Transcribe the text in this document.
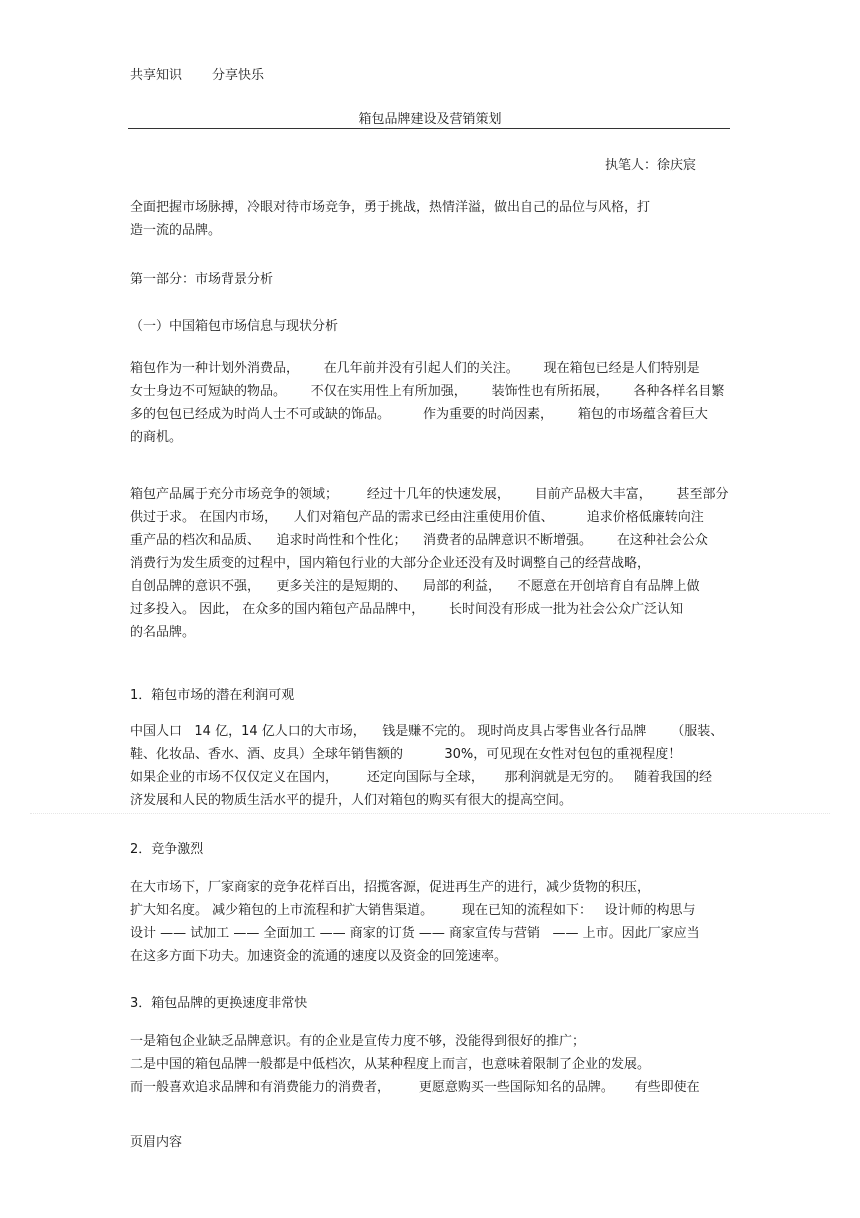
共享知识 分享快乐
箱包品牌建设及营销策划
执笔人：徐庆宸
全面把握市场脉搏，冷眼对待市场竞争，勇于挑战，热情洋溢，做出自己的品位与风格，打
造一流的品牌。
第一部分：市场背景分析
（一）中国箱包市场信息与现状分析
箱包作为一种计划外消费品，      在几年前并没有引起人们的关注。      现在箱包已经是人们特别是
女士身边不可短缺的物品。      不仅在实用性上有所加强，      装饰性也有所拓展，      各种各样名目繁
多的包包已经成为时尚人士不可或缺的饰品。        作为重要的时尚因素，      箱包的市场蕴含着巨大
的商机。
箱包产品属于充分市场竞争的领域；       经过十几年的快速发展，      目前产品极大丰富，      甚至部分
供过于求。 在国内市场，    人们对箱包产品的需求已经由注重使用价值、        追求价格低廉转向注
重产品的档次和品质、    追求时尚性和个性化；    消费者的品牌意识不断增强。      在这种社会公众
消费行为发生质变的过程中，国内箱包行业的大部分企业还没有及时调整自己的经营战略，
自创品牌的意识不强，    更多关注的是短期的、    局部的利益，    不愿意在开创培育自有品牌上做
过多投入。 因此， 在众多的国内箱包产品品牌中，      长时间没有形成一批为社会公众广泛认知
的名品牌。
1．箱包市场的潜在利润可观
中国人口   14 亿，14 亿人口的大市场，    钱是赚不完的。 现时尚皮具占零售业各行品牌      （服装、
鞋、化妆品、香水、酒、皮具）全球年销售额的          30%，可见现在女性对包包的重视程度！
如果企业的市场不仅仅定义在国内，       还定向国际与全球，     那利润就是无穷的。   随着我国的经
济发展和人民的物质生活水平的提升，人们对箱包的购买有很大的提高空间。
2．竞争激烈
在大市场下，厂家商家的竞争花样百出，招揽客源，促进再生产的进行，减少货物的积压，
扩大知名度。 减少箱包的上市流程和扩大销售渠道。       现在已知的流程如下：   设计师的构思与
设计 —— 试加工 —— 全面加工 —— 商家的订货 —— 商家宣传与营销   —— 上市。因此厂家应当
在这多方面下功夫。加速资金的流通的速度以及资金的回笼速率。
3．箱包品牌的更换速度非常快
一是箱包企业缺乏品牌意识。有的企业是宣传力度不够，没能得到很好的推广；
二是中国的箱包品牌一般都是中低档次，从某种程度上而言，也意味着限制了企业的发展。
而一般喜欢追求品牌和有消费能力的消费者，       更愿意购买一些国际知名的品牌。     有些即使在
页眉内容
